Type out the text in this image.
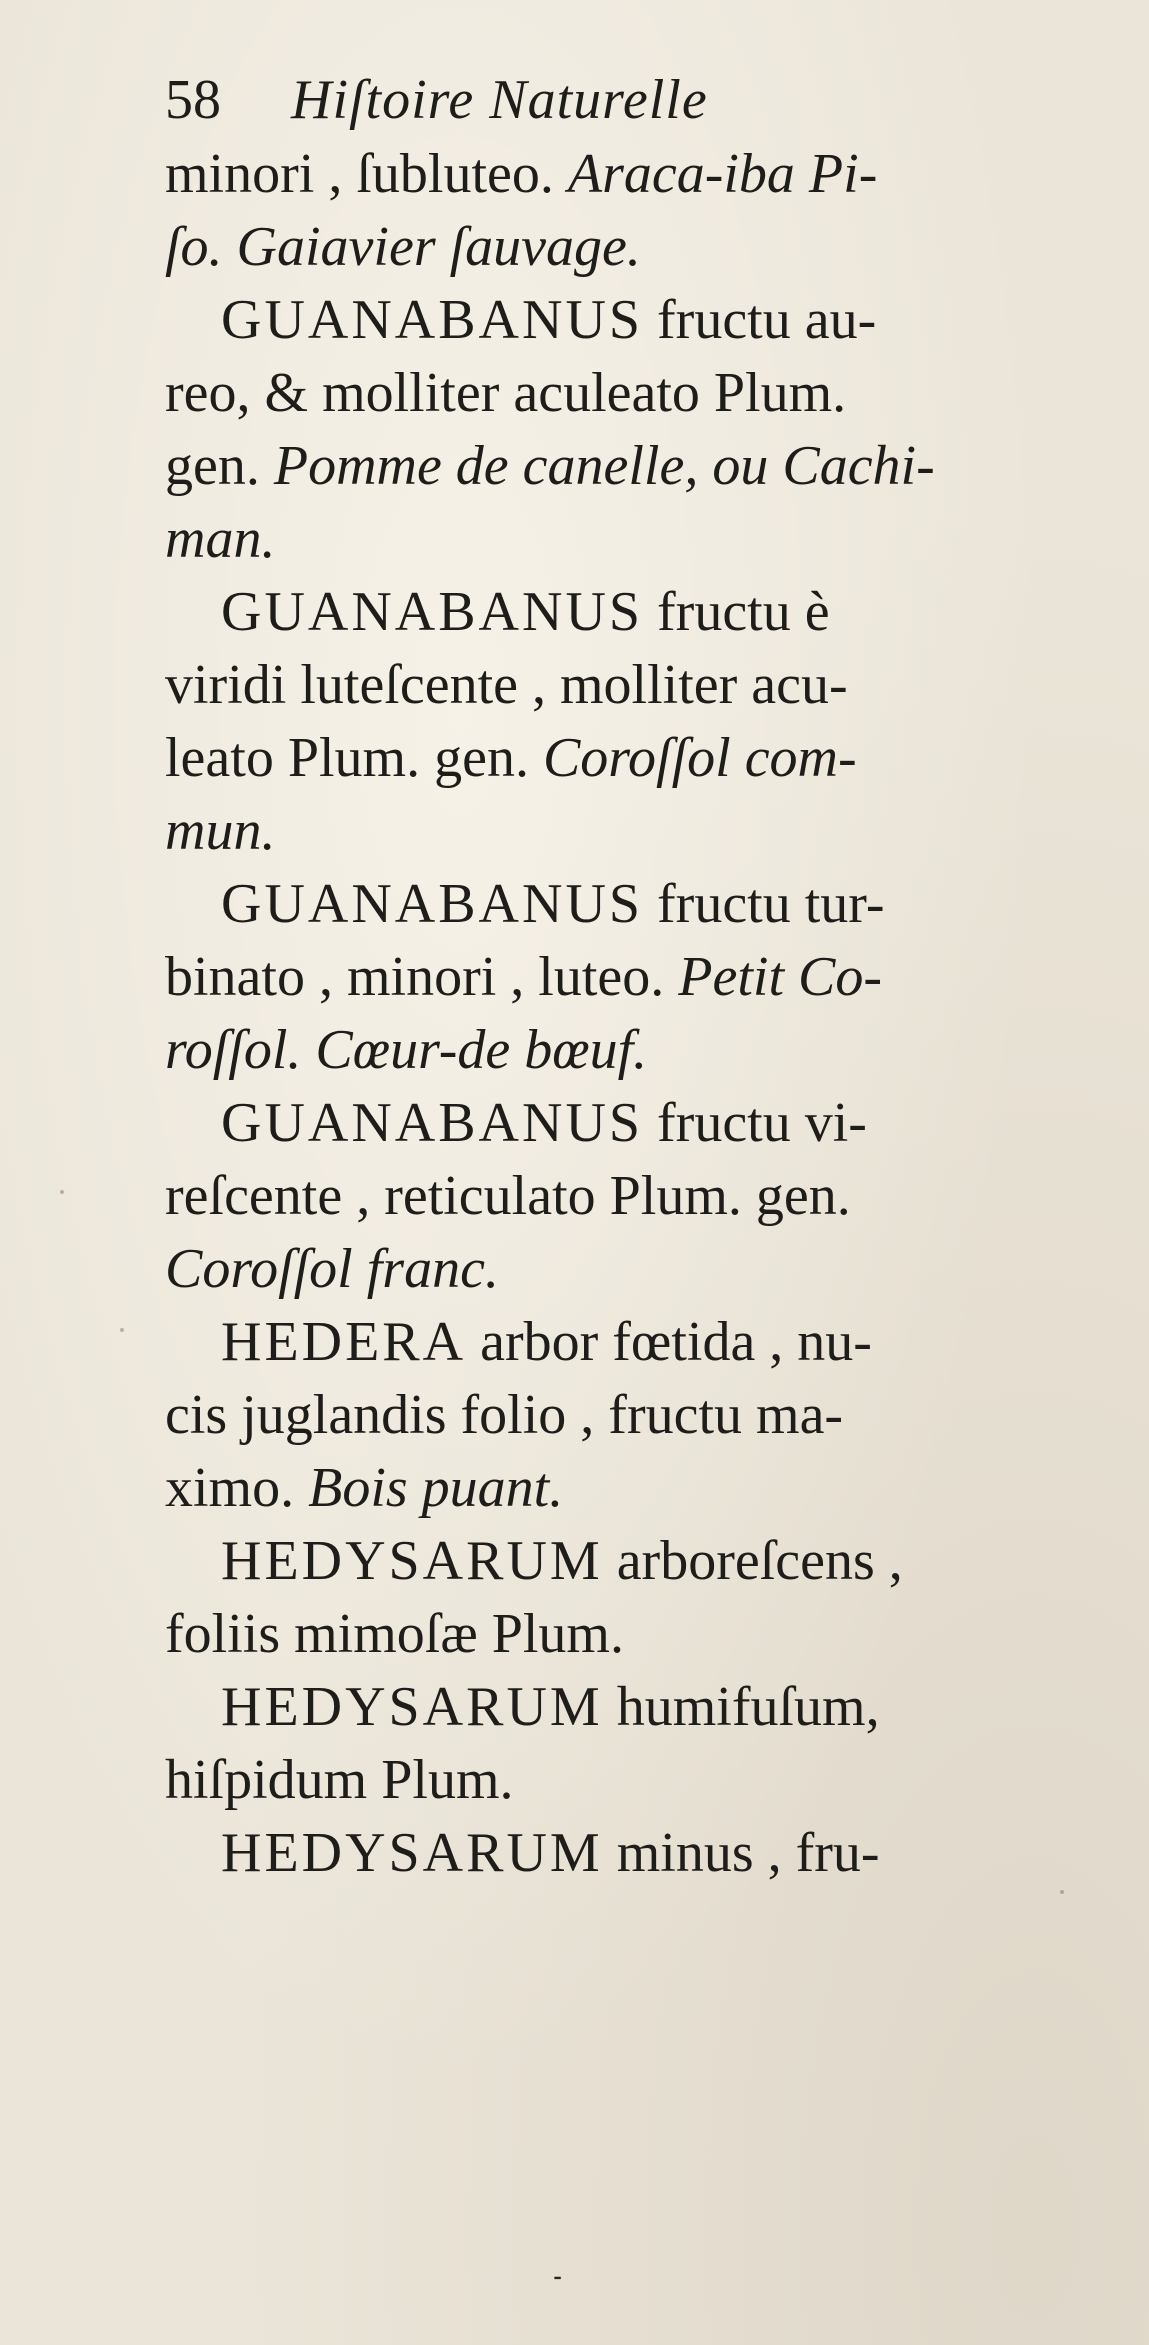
58 Hiſtoire Naturelle
minori , ſubluteo. Araca-iba Pi-
ſo. Gaiavier ſauvage.
GUANABANUS fructu au-
reo, & molliter aculeato Plum.
gen. Pomme de canelle, ou Cachi-
man.
GUANABANUS fructu è
viridi luteſcente , molliter acu-
leato Plum. gen. Coroſſol com-
mun.
GUANABANUS fructu tur-
binato , minori , luteo. Petit Co-
roſſol. Cœur-de bœuf.
GUANABANUS fructu vi-
reſcente , reticulato Plum. gen.
Coroſſol franc.
HEDERA arbor fœtida , nu-
cis juglandis folio , fructu ma-
ximo. Bois puant.
HEDYSARUM arboreſcens ,
foliis mimoſæ Plum.
HEDYSARUM humifuſum,
hiſpidum Plum.
HEDYSARUM minus , fru-
⁃
